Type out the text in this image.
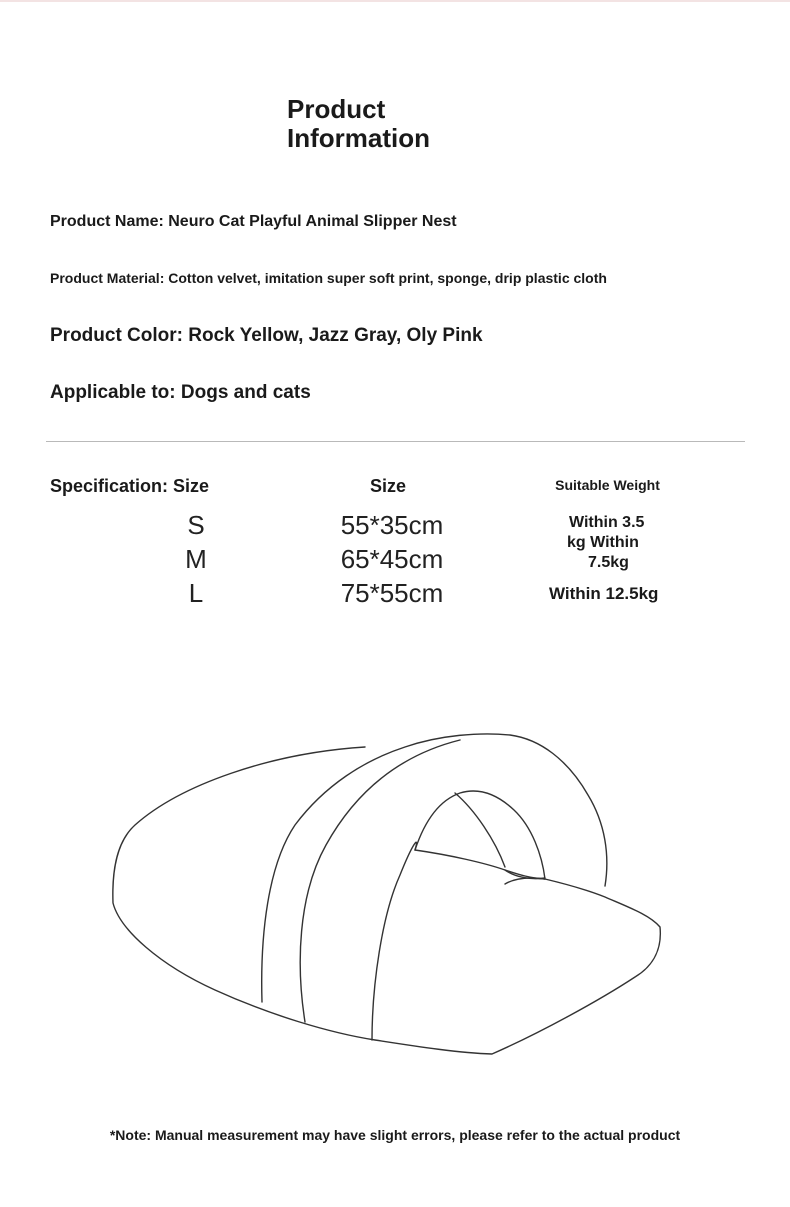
Product
Information
Product Name: Neuro Cat Playful Animal Slipper Nest
Product Material: Cotton velvet, imitation super soft print, sponge, drip plastic cloth
Product Color: Rock Yellow, Jazz Gray, Oly Pink
Applicable to: Dogs and cats
Specification: Size	Size	Suitable Weight
S
M
L
55*35cm
65*45cm
75*55cm
Within 3.5
kg Within
7.5kg
Within 12.5kg
*Note: Manual measurement may have slight errors, please refer to the actual product
